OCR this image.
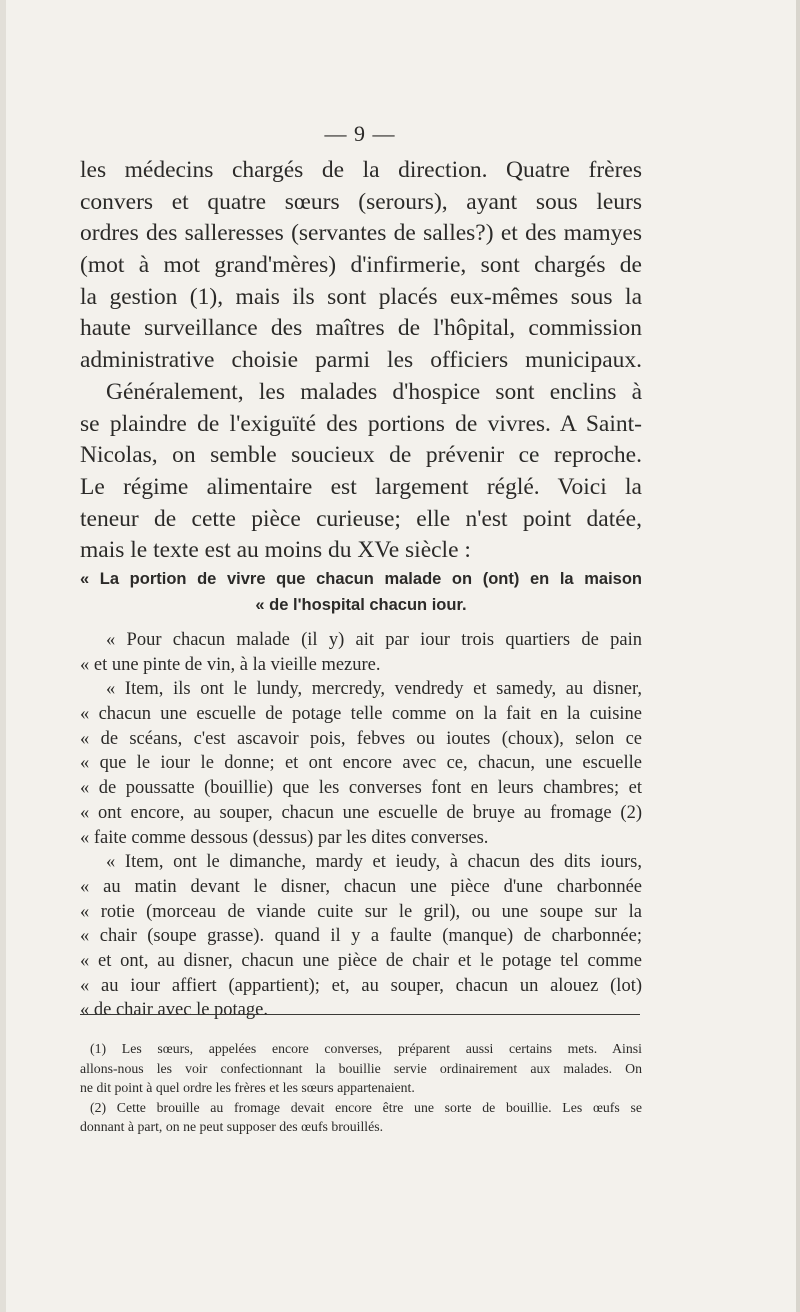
— 9 —
les médecins chargés de la direction. Quatre frères
convers et quatre sœurs (serours), ayant sous leurs
ordres des salleresses (servantes de salles?) et des mamyes
(mot à mot grand'mères) d'infirmerie, sont chargés de
la gestion (1), mais ils sont placés eux-mêmes sous la
haute surveillance des maîtres de l'hôpital, commission
administrative choisie parmi les officiers municipaux.
Généralement, les malades d'hospice sont enclins à
se plaindre de l'exiguïté des portions de vivres. A Saint-
Nicolas, on semble soucieux de prévenir ce reproche.
Le régime alimentaire est largement réglé. Voici la
teneur de cette pièce curieuse; elle n'est point datée,
mais le texte est au moins du XVe siècle :
« La portion de vivre que chacun malade on (ont) en la maison
« de l'hospital chacun iour.
« Pour chacun malade (il y) ait par iour trois quartiers de pain
« et une pinte de vin, à la vieille mezure.
« Item, ils ont le lundy, mercredy, vendredy et samedy, au disner,
« chacun une escuelle de potage telle comme on la fait en la cuisine
« de scéans, c'est ascavoir pois, febves ou ioutes (choux), selon ce
« que le iour le donne; et ont encore avec ce, chacun, une escuelle
« de poussatte (bouillie) que les converses font en leurs chambres; et
« ont encore, au souper, chacun une escuelle de bruye au fromage (2)
« faite comme dessous (dessus) par les dites converses.
« Item, ont le dimanche, mardy et ieudy, à chacun des dits iours,
« au matin devant le disner, chacun une pièce d'une charbonnée
« rotie (morceau de viande cuite sur le gril), ou une soupe sur la
« chair (soupe grasse). quand il y a faulte (manque) de charbonnée;
« et ont, au disner, chacun une pièce de chair et le potage tel comme
« au iour affiert (appartient); et, au souper, chacun un alouez (lot)
« de chair avec le potage.
(1) Les sœurs, appelées encore converses, préparent aussi certains mets. Ainsi
allons-nous les voir confectionnant la bouillie servie ordinairement aux malades. On
ne dit point à quel ordre les frères et les sœurs appartenaient.
(2) Cette brouille au fromage devait encore être une sorte de bouillie. Les œufs se
donnant à part, on ne peut supposer des œufs brouillés.
